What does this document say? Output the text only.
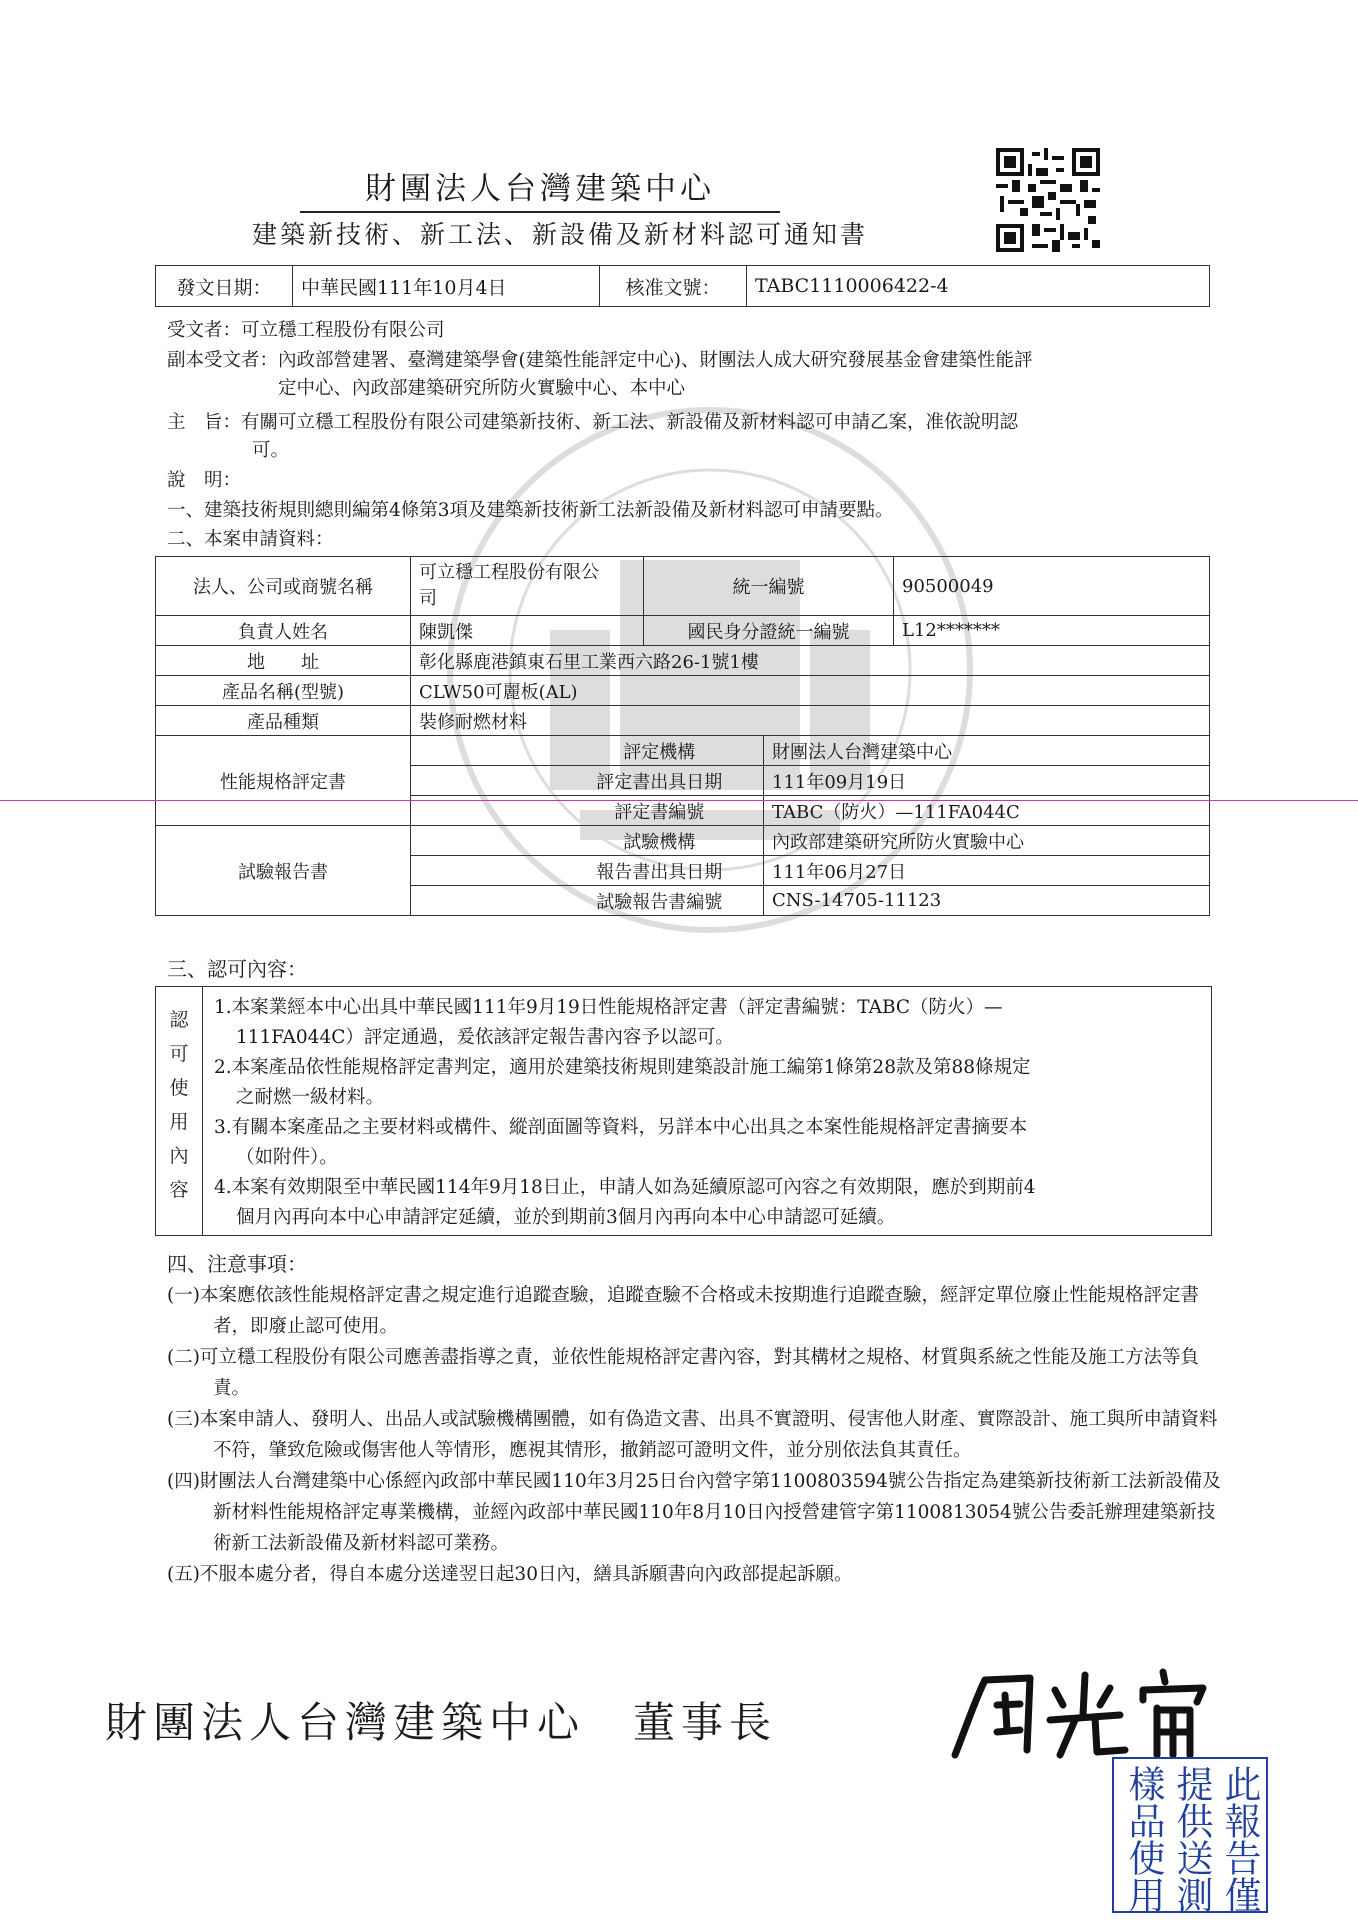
財團法人台灣建築中心
建築新技術、新工法、新設備及新材料認可通知書
發文日期：	中華民國111年10月4日	核准文號：	TABC1110006422-4
受文者：可立穩工程股份有限公司
副本受文者：內政部營建署、臺灣建築學會(建築性能評定中心)、財團法人成大研究發展基金會建築性能評
定中心、內政部建築研究所防火實驗中心、本中心
主　旨：有關可立穩工程股份有限公司建築新技術、新工法、新設備及新材料認可申請乙案，准依說明認
可。
說　明：
一、建築技術規則總則編第4條第3項及建築新技術新工法新設備及新材料認可申請要點。
二、本案申請資料：
法人、公司或商號名稱	可立穩工程股份有限公
司		統一編號		90500049
負責人姓名	陳凱傑		國民身分證統一編號		L12*******
地　　址	彰化縣鹿港鎮東石里工業西六路26-1號1樓				
產品名稱(型號)	CLW50可麗板(AL)				
產品種類	裝修耐燃材料				
性能規格評定書		評定機構		財團法人台灣建築中心	
		評定書出具日期		111年09月19日	
		評定書編號		TABC（防火）—111FA044C	
試驗報告書		試驗機構		內政部建築研究所防火實驗中心	
		報告書出具日期		111年06月27日	
		試驗報告書編號		CNS-14705-11123	
三、認可內容：
認
可
使
用
內
容
1.本案業經本中心出具中華民國111年9月19日性能規格評定書（評定書編號：TABC（防火）—
111FA044C）評定通過，爰依該評定報告書內容予以認可。
2.本案產品依性能規格評定書判定，適用於建築技術規則建築設計施工編第1條第28款及第88條規定
之耐燃一級材料。
3.有關本案產品之主要材料或構件、縱剖面圖等資料，另詳本中心出具之本案性能規格評定書摘要本
（如附件）。
4.本案有效期限至中華民國114年9月18日止，申請人如為延續原認可內容之有效期限，應於到期前4
個月內再向本中心申請評定延續，並於到期前3個月內再向本中心申請認可延續。
四、注意事項：
(一)本案應依該性能規格評定書之規定進行追蹤查驗，追蹤查驗不合格或未按期進行追蹤查驗，經評定單位廢止性能規格評定書者，即廢止認可使用。
(二)可立穩工程股份有限公司應善盡指導之責，並依性能規格評定書內容，對其構材之規格、材質與系統之性能及施工方法等負責。
(三)本案申請人、發明人、出品人或試驗機構團體，如有偽造文書、出具不實證明、侵害他人財產、實際設計、施工與所申請資料不符，肇致危險或傷害他人等情形，應視其情形，撤銷認可證明文件，並分別依法負其責任。
(四)財團法人台灣建築中心係經內政部中華民國110年3月25日台內營字第1100803594號公告指定為建築新技術新工法新設備及新材料性能規格評定專業機構，並經內政部中華民國110年8月10日內授營建管字第1100813054號公告委託辦理建築新技術新工法新設備及新材料認可業務。
(五)不服本處分者，得自本處分送達翌日起30日內，繕具訴願書向內政部提起訴願。
財團法人台灣建築中心　董事長
此報告僅
提供送測
樣品使用
